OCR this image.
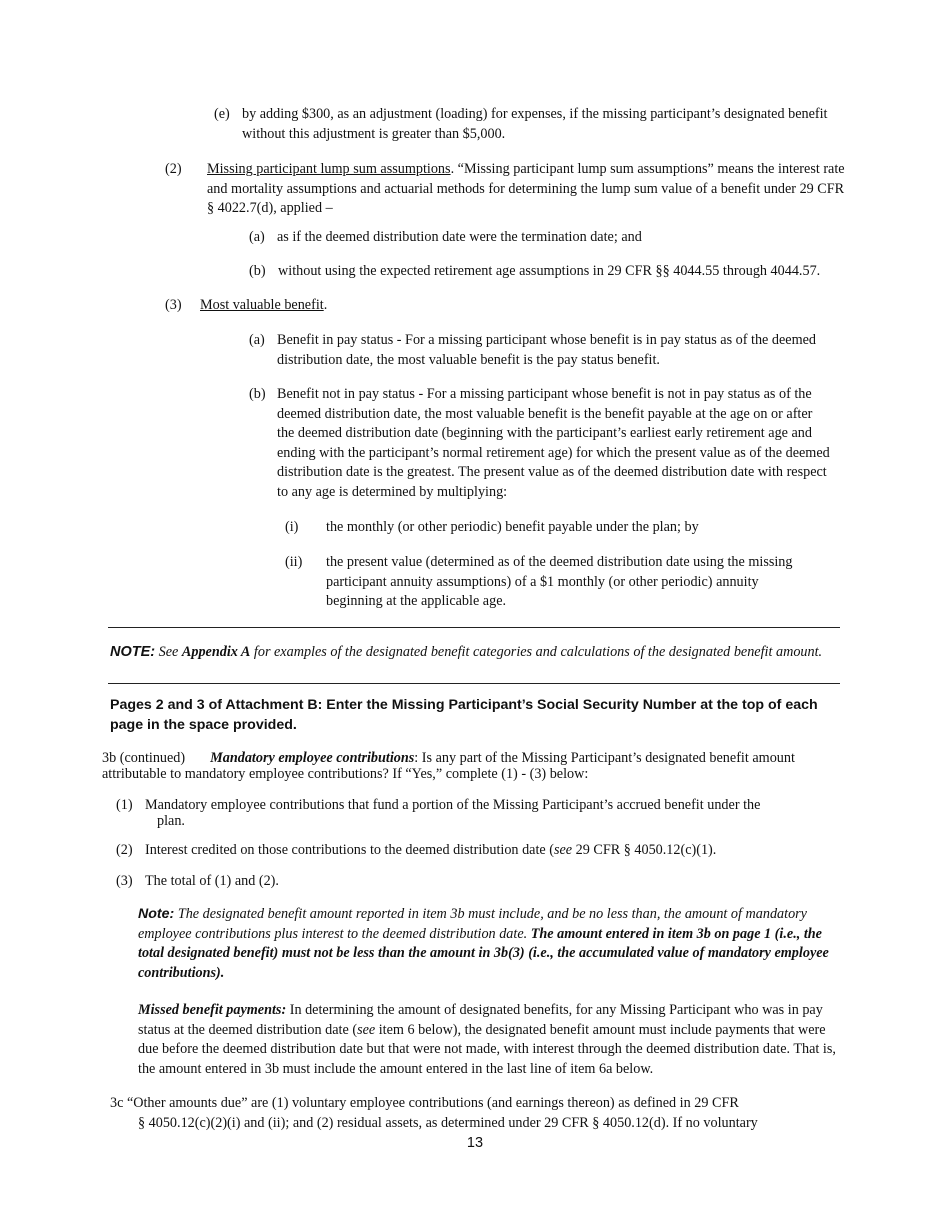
(e) by adding $300, as an adjustment (loading) for expenses, if the missing participant’s designated benefit
without this adjustment is greater than $5,000.
(2) Missing participant lump sum assumptions. “Missing participant lump sum assumptions” means the interest rate and mortality assumptions and actuarial methods for determining the lump sum value of a benefit under 29 CFR § 4022.7(d), applied –
(a) as if the deemed distribution date were the termination date; and
(b) without using the expected retirement age assumptions in 29 CFR §§ 4044.55 through 4044.57.
(3) Most valuable benefit.
(a) Benefit in pay status - For a missing participant whose benefit is in pay status as of the deemed distribution date, the most valuable benefit is the pay status benefit.
(b) Benefit not in pay status - For a missing participant whose benefit is not in pay status as of the deemed distribution date, the most valuable benefit is the benefit payable at the age on or after the deemed distribution date (beginning with the participant’s earliest early retirement age and ending with the participant’s normal retirement age) for which the present value as of the deemed distribution date is the greatest. The present value as of the deemed distribution date with respect to any age is determined by multiplying:
(i) the monthly (or other periodic) benefit payable under the plan; by
(ii) the present value (determined as of the deemed distribution date using the missing participant annuity assumptions) of a $1 monthly (or other periodic) annuity beginning at the applicable age.
NOTE: See Appendix A for examples of the designated benefit categories and calculations of the designated benefit amount.
Pages 2 and 3 of Attachment B: Enter the Missing Participant’s Social Security Number at the top of each page in the space provided.
3b (continued) Mandatory employee contributions: Is any part of the Missing Participant’s designated benefit amount
attributable to mandatory employee contributions? If “Yes,” complete (1) - (3) below:
(1) Mandatory employee contributions that fund a portion of the Missing Participant’s accrued benefit under the
plan.
(2) Interest credited on those contributions to the deemed distribution date (see 29 CFR § 4050.12(c)(1).
(3) The total of (1) and (2).
Note: The designated benefit amount reported in item 3b must include, and be no less than, the amount of mandatory employee contributions plus interest to the deemed distribution date. The amount entered in item 3b on page 1 (i.e., the total designated benefit) must not be less than the amount in 3b(3) (i.e., the accumulated value of mandatory employee contributions).
Missed benefit payments: In determining the amount of designated benefits, for any Missing Participant who was in pay status at the deemed distribution date (see item 6 below), the designated benefit amount must include payments that were due before the deemed distribution date but that were not made, with interest through the deemed distribution date. That is, the amount entered in 3b must include the amount entered in the last line of item 6a below.
3c “Other amounts due” are (1) voluntary employee contributions (and earnings thereon) as defined in 29 CFR
§ 4050.12(c)(2)(i) and (ii); and (2) residual assets, as determined under 29 CFR § 4050.12(d). If no voluntary
13
